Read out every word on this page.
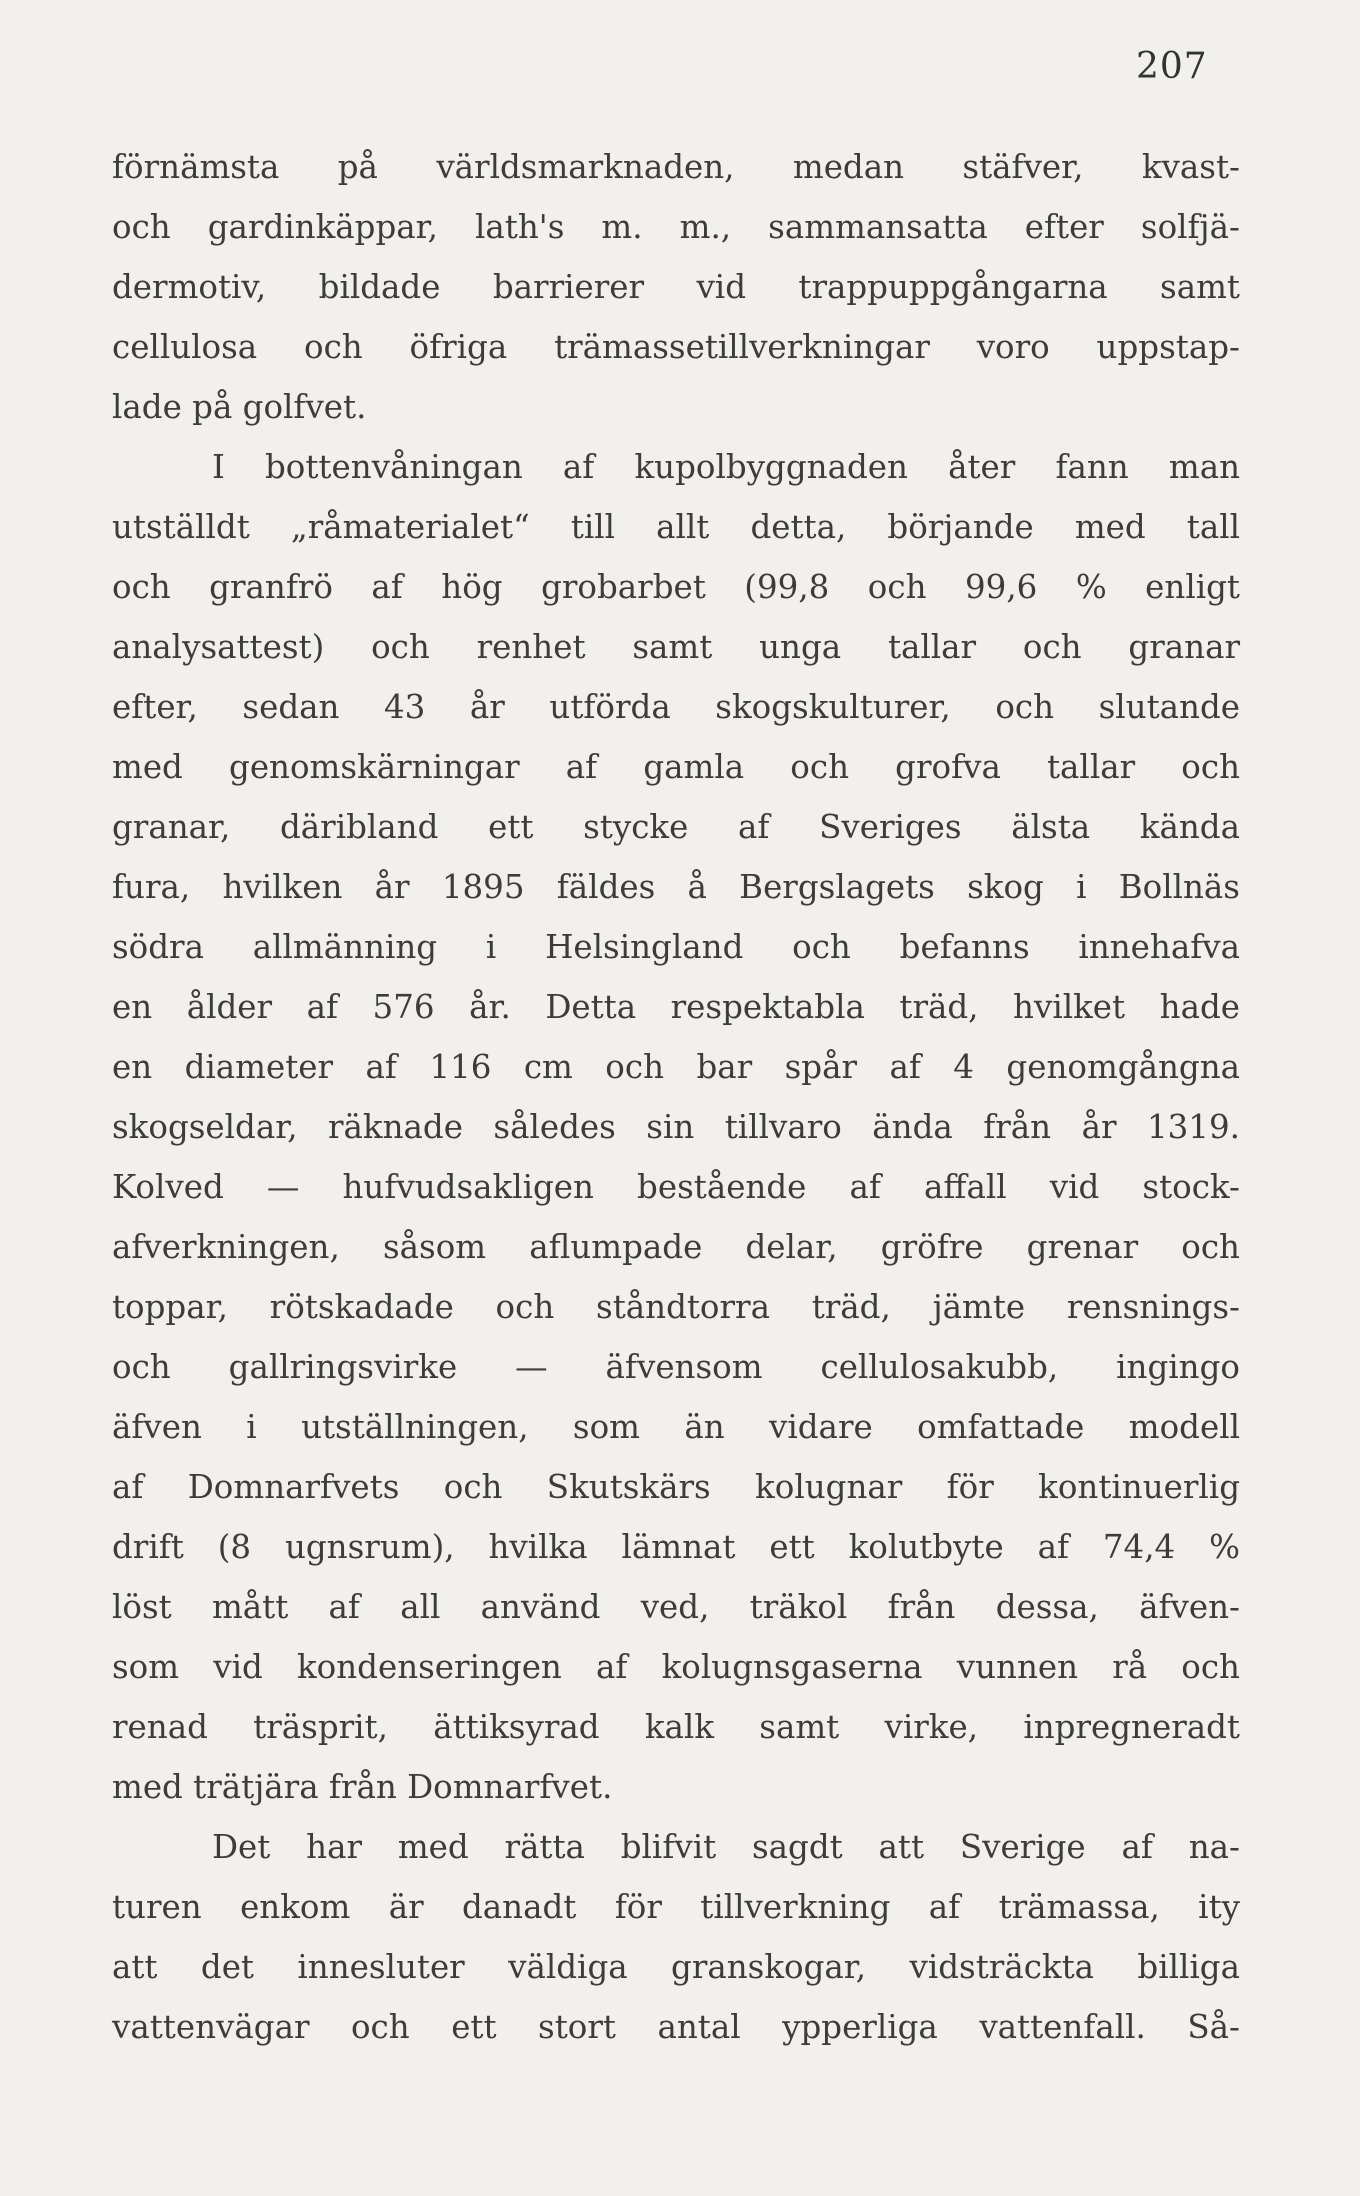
207
förnämsta på världsmarknaden, medan stäfver, kvast-
och gardinkäppar, lath's m. m., sammansatta efter solfjä-
dermotiv, bildade barrierer vid trappuppgångarna samt
cellulosa och öfriga trämassetillverkningar voro uppstap-
lade på golfvet.
I bottenvåningan af kupolbyggnaden åter fann man
utställdt „råmaterialet“ till allt detta, börjande med tall
och granfrö af hög grobarbet (99,8 och 99,6 % enligt
analysattest) och renhet samt unga tallar och granar
efter, sedan 43 år utförda skogskulturer, och slutande
med genomskärningar af gamla och grofva tallar och
granar, däribland ett stycke af Sveriges älsta kända
fura, hvilken år 1895 fäldes å Bergslagets skog i Bollnäs
södra allmänning i Helsingland och befanns innehafva
en ålder af 576 år. Detta respektabla träd, hvilket hade
en diameter af 116 cm och bar spår af 4 genomgångna
skogseldar, räknade således sin tillvaro ända från år 1319.
Kolved — hufvudsakligen bestående af affall vid stock-
afverkningen, såsom aflumpade delar, gröfre grenar och
toppar, rötskadade och ståndtorra träd, jämte rensnings-
och gallringsvirke — äfvensom cellulosakubb, ingingo
äfven i utställningen, som än vidare omfattade modell
af Domnarfvets och Skutskärs kolugnar för kontinuerlig
drift (8 ugnsrum), hvilka lämnat ett kolutbyte af 74,4 %
löst mått af all använd ved, träkol från dessa, äfven-
som vid kondenseringen af kolugnsgaserna vunnen rå och
renad träsprit, ättiksyrad kalk samt virke, inpregneradt
med trätjära från Domnarfvet.
Det har med rätta blifvit sagdt att Sverige af na-
turen enkom är danadt för tillverkning af trämassa, ity
att det innesluter väldiga granskogar, vidsträckta billiga
vattenvägar och ett stort antal ypperliga vattenfall. Så-
